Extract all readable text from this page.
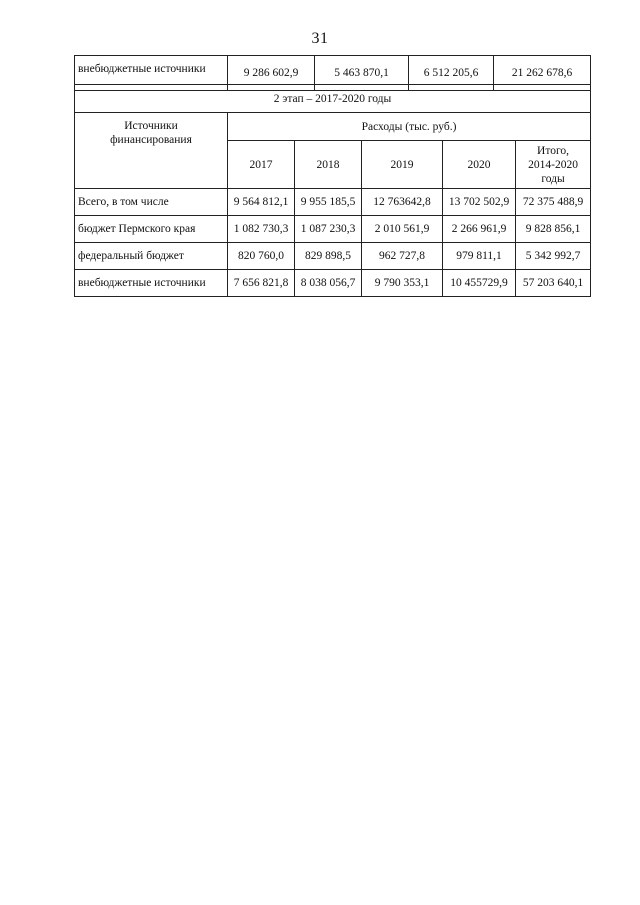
31
внебюджетные источники	9 286 602,9	5 463 870,1	6 512 205,6	21 262 678,6
2 этап – 2017-2020 годы					
Источники
финансирования	Расходы (тыс. руб.)				
	2017	2018	2019	2020	Итого,
2014-2020
годы
Всего, в том числе	9 564 812,1	9 955 185,5	12 763642,8	13 702 502,9	72 375 488,9
бюджет Пермского края	1 082 730,3	1 087 230,3	2 010 561,9	2 266 961,9	9 828 856,1
федеральный бюджет	820 760,0	829 898,5	962 727,8	979 811,1	5 342 992,7
внебюджетные источники	7 656 821,8	8 038 056,7	9 790 353,1	10 455729,9	57 203 640,1
